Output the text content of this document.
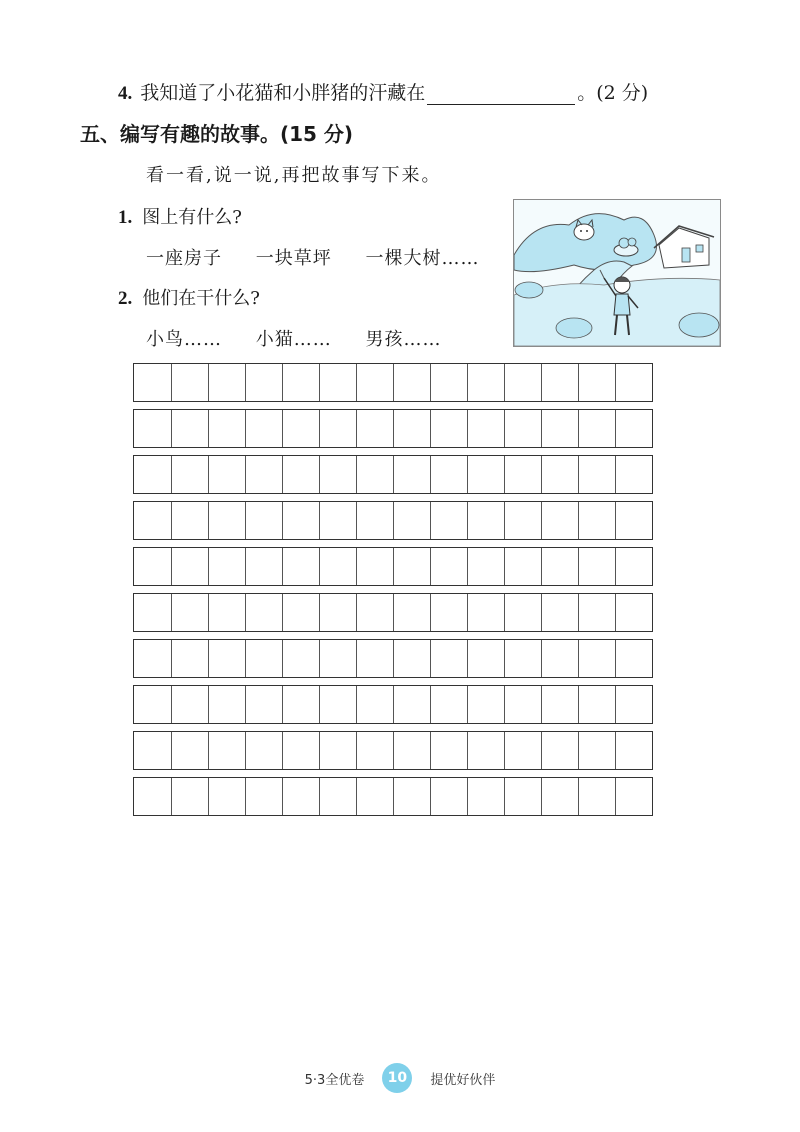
4. 我知道了小花猫和小胖猪的汗藏在	。(2 分)
五、编写有趣的故事。(15 分)
看一看,说一说,再把故事写下来。
1. 图上有什么?
一座房子 一块草坪 一棵大树……
2. 他们在干什么?
小鸟…… 小猫…… 男孩……
5·3全优卷	10	提优好伙伴
